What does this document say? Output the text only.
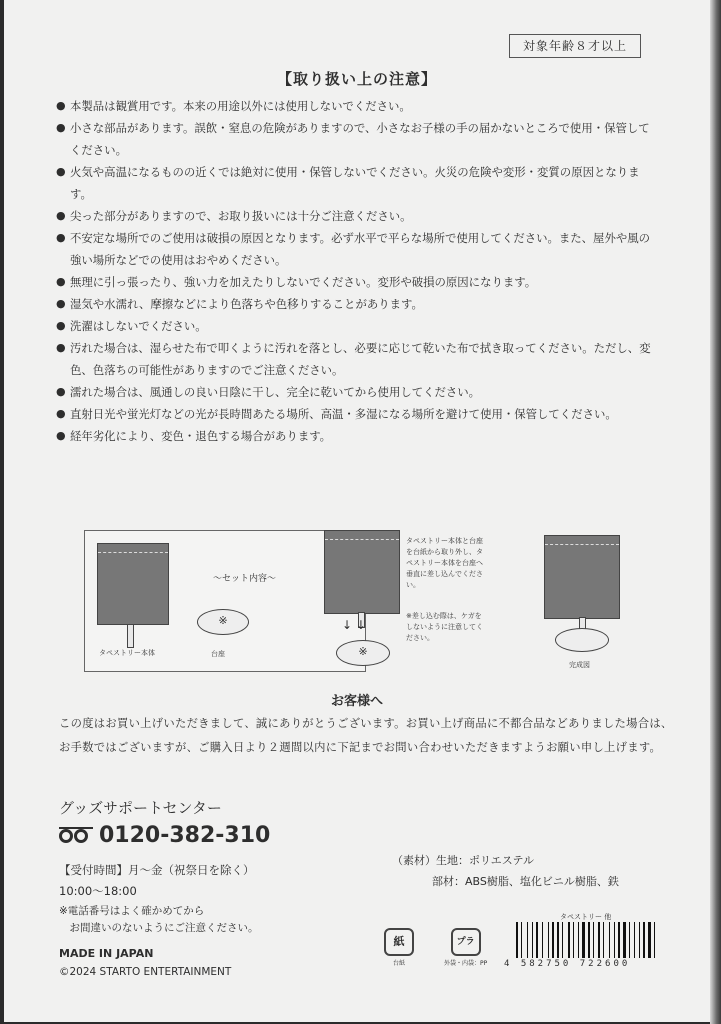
対象年齢８才以上
【取り扱い上の注意】
● 本製品は観賞用です。本来の用途以外には使用しないでください。
● 小さな部品があります。誤飲・窒息の危険がありますので、小さなお子様の手の届かないところで使用・保管してください。
● 火気や高温になるものの近くでは絶対に使用・保管しないでください。火災の危険や変形・変質の原因となります。
● 尖った部分がありますので、お取り扱いには十分ご注意ください。
● 不安定な場所でのご使用は破損の原因となります。必ず水平で平らな場所で使用してください。また、屋外や風の強い場所などでの使用はおやめください。
● 無理に引っ張ったり、強い力を加えたりしないでください。変形や破損の原因になります。
● 湿気や水濡れ、摩擦などにより色落ちや色移りすることがあります。
● 洗濯はしないでください。
● 汚れた場合は、湿らせた布で叩くように汚れを落とし、必要に応じて乾いた布で拭き取ってください。ただし、変色、色落ちの可能性がありますのでご注意ください。
● 濡れた場合は、風通しの良い日陰に干し、完全に乾いてから使用してください。
● 直射日光や蛍光灯などの光が長時間あたる場所、高温・多湿になる場所を避けて使用・保管してください。
● 経年劣化により、変色・退色する場合があります。
タペストリー本体
〜セット内容〜
※
台座
↓ ↓
※
タペストリー本体と台座を台紙から取り外し、タペストリー本体を台座へ垂直に差し込んでください。
※差し込む際は、ケガをしないように注意してください。
完成図
お客様へ
この度はお買い上げいただきまして、誠にありがとうございます。お買い上げ商品に不都合品などありました場合は、お手数ではございますが、ご購入日より２週間以内に下記までお問い合わせいただきますようお願い申し上げます。
グッズサポートセンター
0120-382-310
【受付時間】月〜金（祝祭日を除く）
10:00〜18:00
※電話番号はよく確かめてから
　お間違いのないようにご注意ください。
MADE IN JAPAN
©2024 STARTO ENTERTAINMENT
（素材）生地：ポリエステル
部材：ABS樹脂、塩化ビニル樹脂、鉄
紙
台紙
プラ
外袋・内袋：PP
タペストリー 他
4 582750 722600
